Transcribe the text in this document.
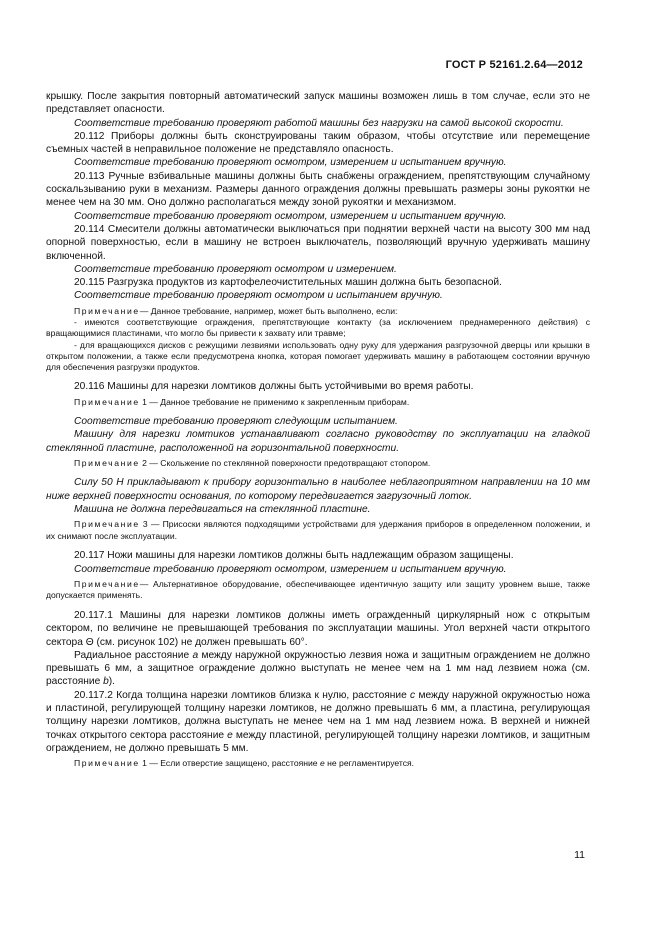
ГОСТ Р 52161.2.64—2012

крышку. После закрытия повторный автоматический запуск машины возможен лишь в том случае, если это не представляет опасности.

Соответствие требованию проверяют работой машины без нагрузки на самой высокой скорости.

20.112 Приборы должны быть сконструированы таким образом, чтобы отсутствие или перемещение съемных частей в неправильное положение не представляло опасность.

Соответствие требованию проверяют осмотром, измерением и испытанием вручную.

20.113 Ручные взбивальные машины должны быть снабжены ограждением, препятствующим случайному соскальзыванию руки в механизм. Размеры данного ограждения должны превышать размеры зоны рукоятки не менее чем на 30 мм. Оно должно располагаться между зоной рукоятки и механизмом.

Соответствие требованию проверяют осмотром, измерением и испытанием вручную.

20.114 Смесители должны автоматически выключаться при поднятии верхней части на высоту 300 мм над опорной поверхностью, если в машину не встроен выключатель, позволяющий вручную удерживать машину включенной.

Соответствие требованию проверяют осмотром и измерением.

20.115 Разгрузка продуктов из картофелеочистительных машин должна быть безопасной.

Соответствие требованию проверяют осмотром и испытанием вручную.

Примечание— Данное требование, например, может быть выполнено, если:

- имеются соответствующие ограждения, препятствующие контакту (за исключением преднамеренного действия) с вращающимися пластинами, что могло бы привести к захвату или травме;

- для вращающихся дисков с режущими лезвиями использовать одну руку для удержания разгрузочной дверцы или крышки в открытом положении, а также если предусмотрена кнопка, которая помогает удерживать машину в работающем состоянии вручную для обеспечения разгрузки продуктов.

20.116 Машины для нарезки ломтиков должны быть устойчивыми во время работы.

Примечание 1 — Данное требование не применимо к закрепленным приборам.

Соответствие требованию проверяют следующим испытанием.

Машину для нарезки ломтиков устанавливают согласно руководству по эксплуатации на гладкой стеклянной пластине, расположенной на горизонтальной поверхности.

Примечание 2 — Скольжение по стеклянной поверхности предотвращают стопором.

Силу 50 Н прикладывают к прибору горизонтально в наиболее неблагоприятном направлении на 10 мм ниже верхней поверхности основания, по которому передвигается загрузочный лоток.

Машина не должна передвигаться на стеклянной пластине.

Примечание 3 — Присоски являются подходящими устройствами для удержания приборов в определенном положении, и их снимают после эксплуатации.

20.117 Ножи машины для нарезки ломтиков должны быть надлежащим образом защищены.

Соответствие требованию проверяют осмотром, измерением и испытанием вручную.

Примечание— Альтернативное оборудование, обеспечивающее идентичную защиту или защиту уровнем выше, также допускается применять.

20.117.1 Машины для нарезки ломтиков должны иметь огражденный циркулярный нож с открытым сектором, по величине не превышающей требования по эксплуатации машины. Угол верхней части открытого сектора Θ (см. рисунок 102) не должен превышать 60°.

Радиальное расстояние а между наружной окружностью лезвия ножа и защитным ограждением не должно превышать 6 мм, а защитное ограждение должно выступать не менее чем на 1 мм над лезвием ножа (см. расстояние b).

20.117.2 Когда толщина нарезки ломтиков близка к нулю, расстояние с между наружной окружностью ножа и пластиной, регулирующей толщину нарезки ломтиков, не должно превышать 6 мм, а пластина, регулирующая толщину нарезки ломтиков, должна выступать не менее чем на 1 мм над лезвием ножа. В верхней и нижней точках открытого сектора расстояние е между пластиной, регулирующей толщину нарезки ломтиков, и защитным ограждением, не должно превышать 5 мм.

Примечание 1 — Если отверстие защищено, расстояние е не регламентируется.

11
